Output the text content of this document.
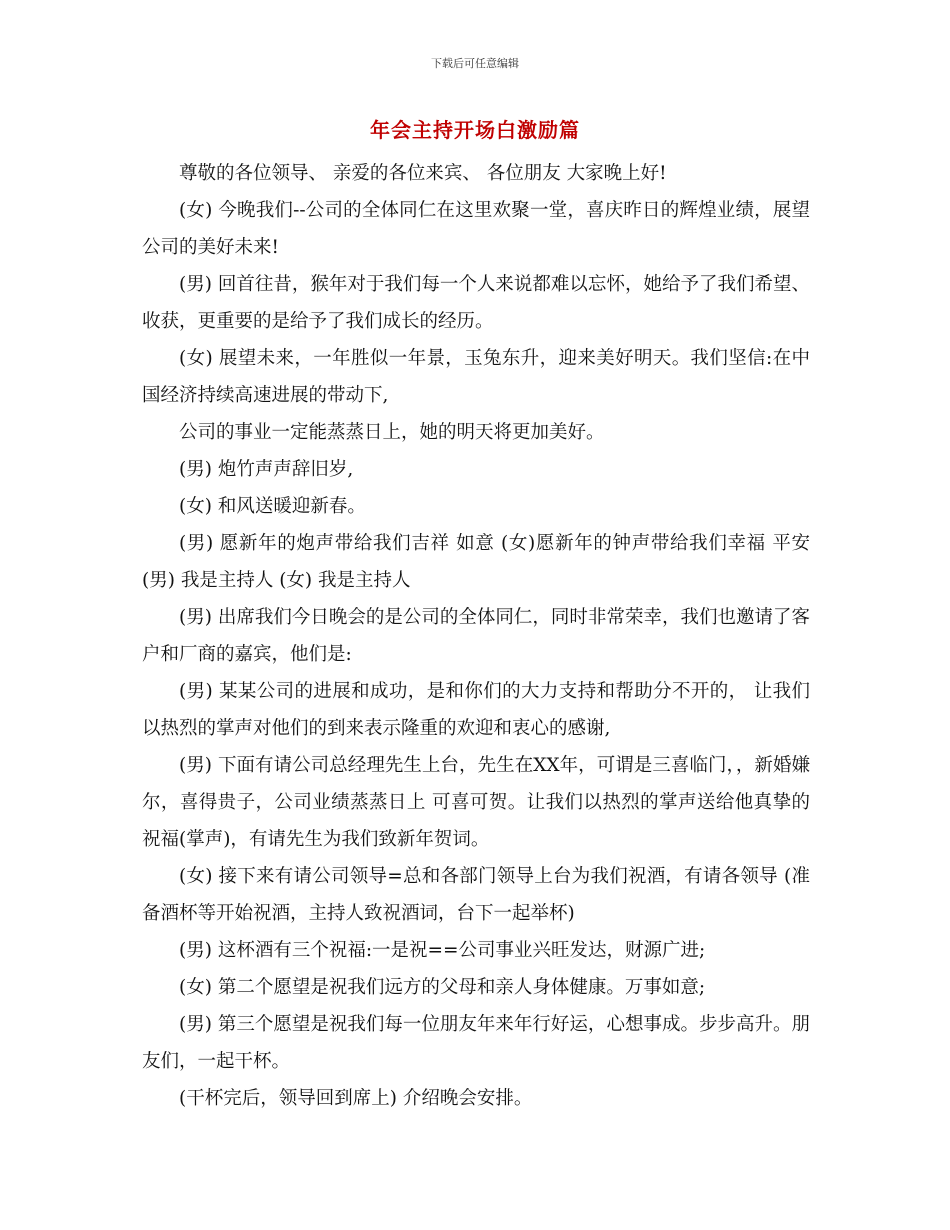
下载后可任意编辑
年会主持开场白激励篇

尊敬的各位领导、 亲爱的各位来宾、 各位朋友 大家晚上好!

(女) 今晚我们--公司的全体同仁在这里欢聚一堂，喜庆昨日的辉煌业绩，展望 公司的美好未来!

(男) 回首往昔，猴年对于我们每一个人来说都难以忘怀，她给予了我们希望、收获，更重要的是给予了我们成长的经历。

(女) 展望未来，一年胜似一年景，玉兔东升，迎来美好明天。我们坚信:在中国经济持续高速进展的带动下,

公司的事业一定能蒸蒸日上，她的明天将更加美好。

(男) 炮竹声声辞旧岁,

(女) 和风送暖迎新春。

(男) 愿新年的炮声带给我们吉祥 如意 (女)愿新年的钟声带给我们幸福 平安 (男) 我是主持人 (女) 我是主持人

(男) 出席我们今日晚会的是公司的全体同仁，同时非常荣幸，我们也邀请了客户和厂商的嘉宾，他们是:

(男) 某某公司的进展和成功，是和你们的大力支持和帮助分不开的， 让我们以热烈的掌声对他们的到来表示隆重的欢迎和衷心的感谢,

(男) 下面有请公司总经理先生上台，先生在XX年，可谓是三喜临门，，新婚嫌尔，喜得贵子，公司业绩蒸蒸日上 可喜可贺。让我们以热烈的掌声送给他真挚的祝福(掌声)，有请先生为我们致新年贺词。

(女) 接下来有请公司领导=总和各部门领导上台为我们祝酒，有请各领导 (准备酒杯等开始祝酒，主持人致祝酒词，台下一起举杯)

(男) 这杯酒有三个祝福:一是祝==公司事业兴旺发达，财源广进;

(女) 第二个愿望是祝我们远方的父母和亲人身体健康。万事如意;

(男) 第三个愿望是祝我们每一位朋友年来年行好运，心想事成。步步高升。朋友们，一起干杯。

(干杯完后，领导回到席上) 介绍晚会安排。
